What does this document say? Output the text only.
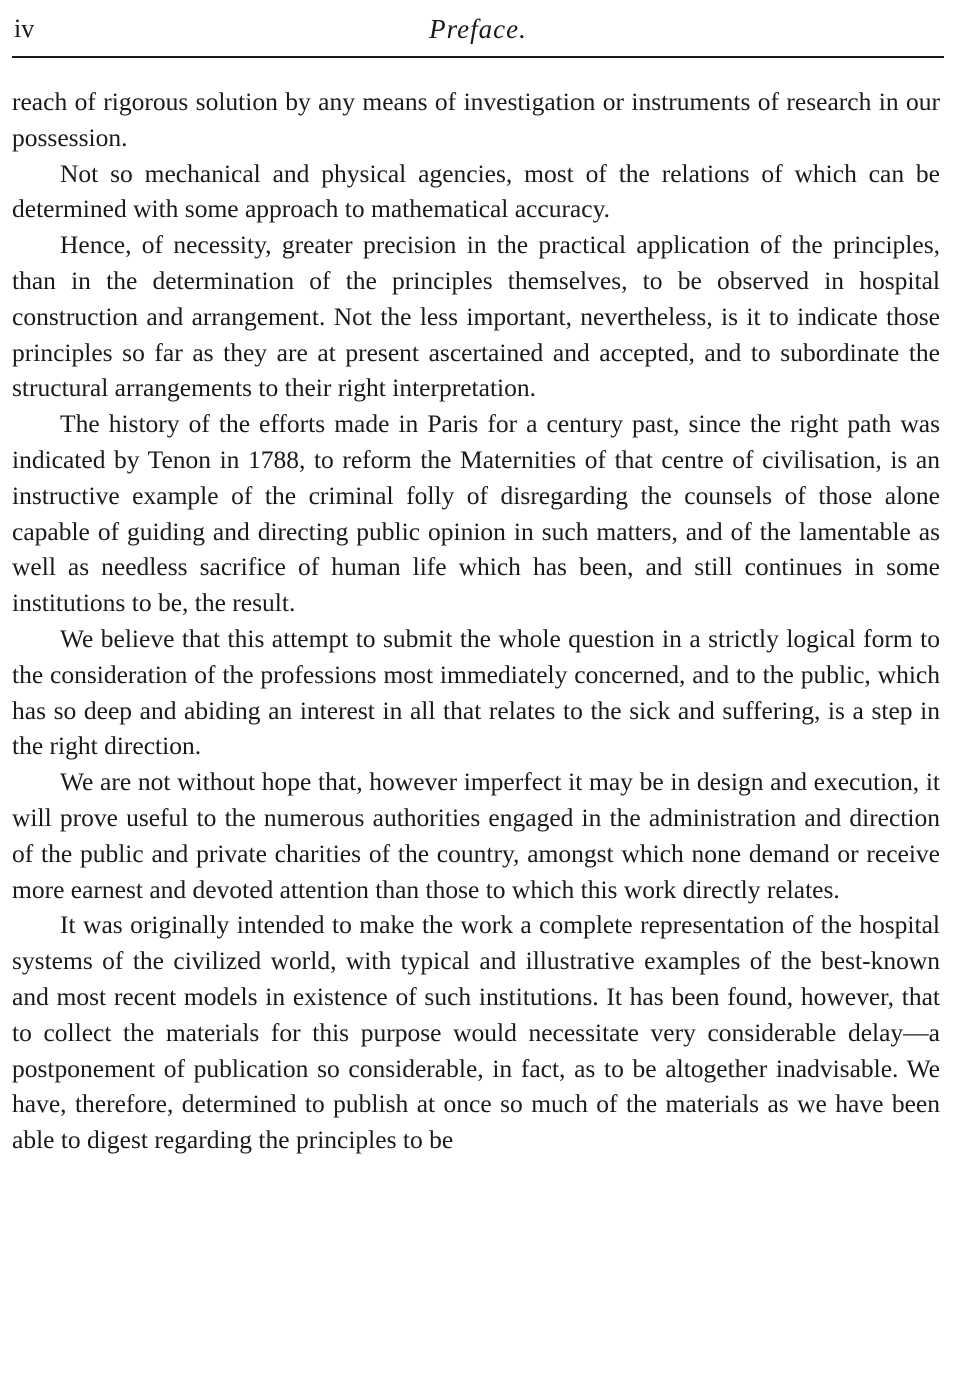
iv	Preface.

reach of rigorous solution by any means of investigation or instruments of research in our possession.

Not so mechanical and physical agencies, most of the relations of which can be determined with some approach to mathematical accuracy.

Hence, of necessity, greater precision in the practical application of the principles, than in the determination of the principles themselves, to be observed in hospital construction and arrangement. Not the less important, nevertheless, is it to indicate those principles so far as they are at present ascertained and accepted, and to subordinate the structural arrangements to their right interpretation.

The history of the efforts made in Paris for a century past, since the right path was indicated by Tenon in 1788, to reform the Maternities of that centre of civilisation, is an instructive example of the criminal folly of disregarding the counsels of those alone capable of guiding and directing public opinion in such matters, and of the lamentable as well as needless sacrifice of human life which has been, and still continues in some institutions to be, the result.

We believe that this attempt to submit the whole question in a strictly logical form to the consideration of the professions most immediately concerned, and to the public, which has so deep and abiding an interest in all that relates to the sick and suffering, is a step in the right direction.

We are not without hope that, however imperfect it may be in design and execution, it will prove useful to the numerous authorities engaged in the administration and direction of the public and private charities of the country, amongst which none demand or receive more earnest and devoted attention than those to which this work directly relates.

It was originally intended to make the work a complete representation of the hospital systems of the civilized world, with typical and illustrative examples of the best-known and most recent models in existence of such institutions. It has been found, however, that to collect the materials for this purpose would necessitate very considerable delay—a postponement of publication so considerable, in fact, as to be altogether inadvisable. We have, therefore, determined to publish at once so much of the materials as we have been able to digest regarding the principles to be
